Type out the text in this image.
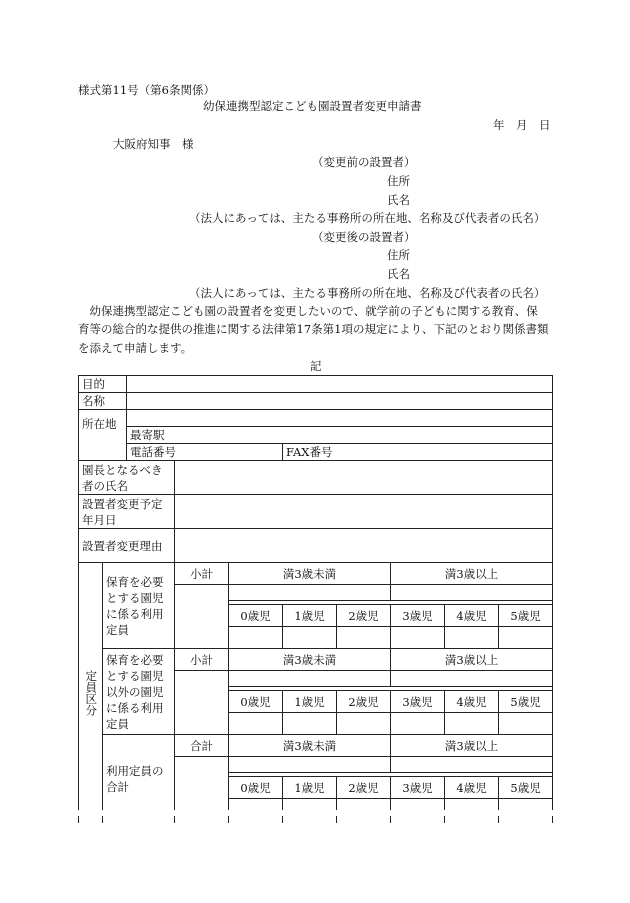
様式第11号（第6条関係）
幼保連携型認定こども園設置者変更申請書
年　月　日
大阪府知事　様
（変更前の設置者）
住所
氏名
（法人にあっては、主たる事務所の所在地、名称及び代表者の氏名）
（変更後の設置者）
住所
氏名
（法人にあっては、主たる事務所の所在地、名称及び代表者の氏名）
　幼保連携型認定こども園の設置者を変更したいので、就学前の子どもに関する教育、保
育等の総合的な提供の推進に関する法律第17条第1項の規定により、下記のとおり関係書類
を添えて申請します。
記
目的									
名称									
所在地									
		最寄駅							
		電話番号			FAX番号				
園長となるべき者の氏名									
設置者変更予定年月日									
設置者変更理由									

定員区分	保育を必要とする園児に係る利用定員		小計	満3歳未満			満3歳以上		

				0歳児	1歳児	2歳児	3歳児	4歳児	5歳児

	保育を必要とする園児以外の園児に係る利用定員		小計	満3歳未満			満3歳以上		

				0歳児	1歳児	2歳児	3歳児	4歳児	5歳児

	利用定員の合計		合計	満3歳未満			満3歳以上		

				0歳児	1歳児	2歳児	3歳児	4歳児	5歳児
